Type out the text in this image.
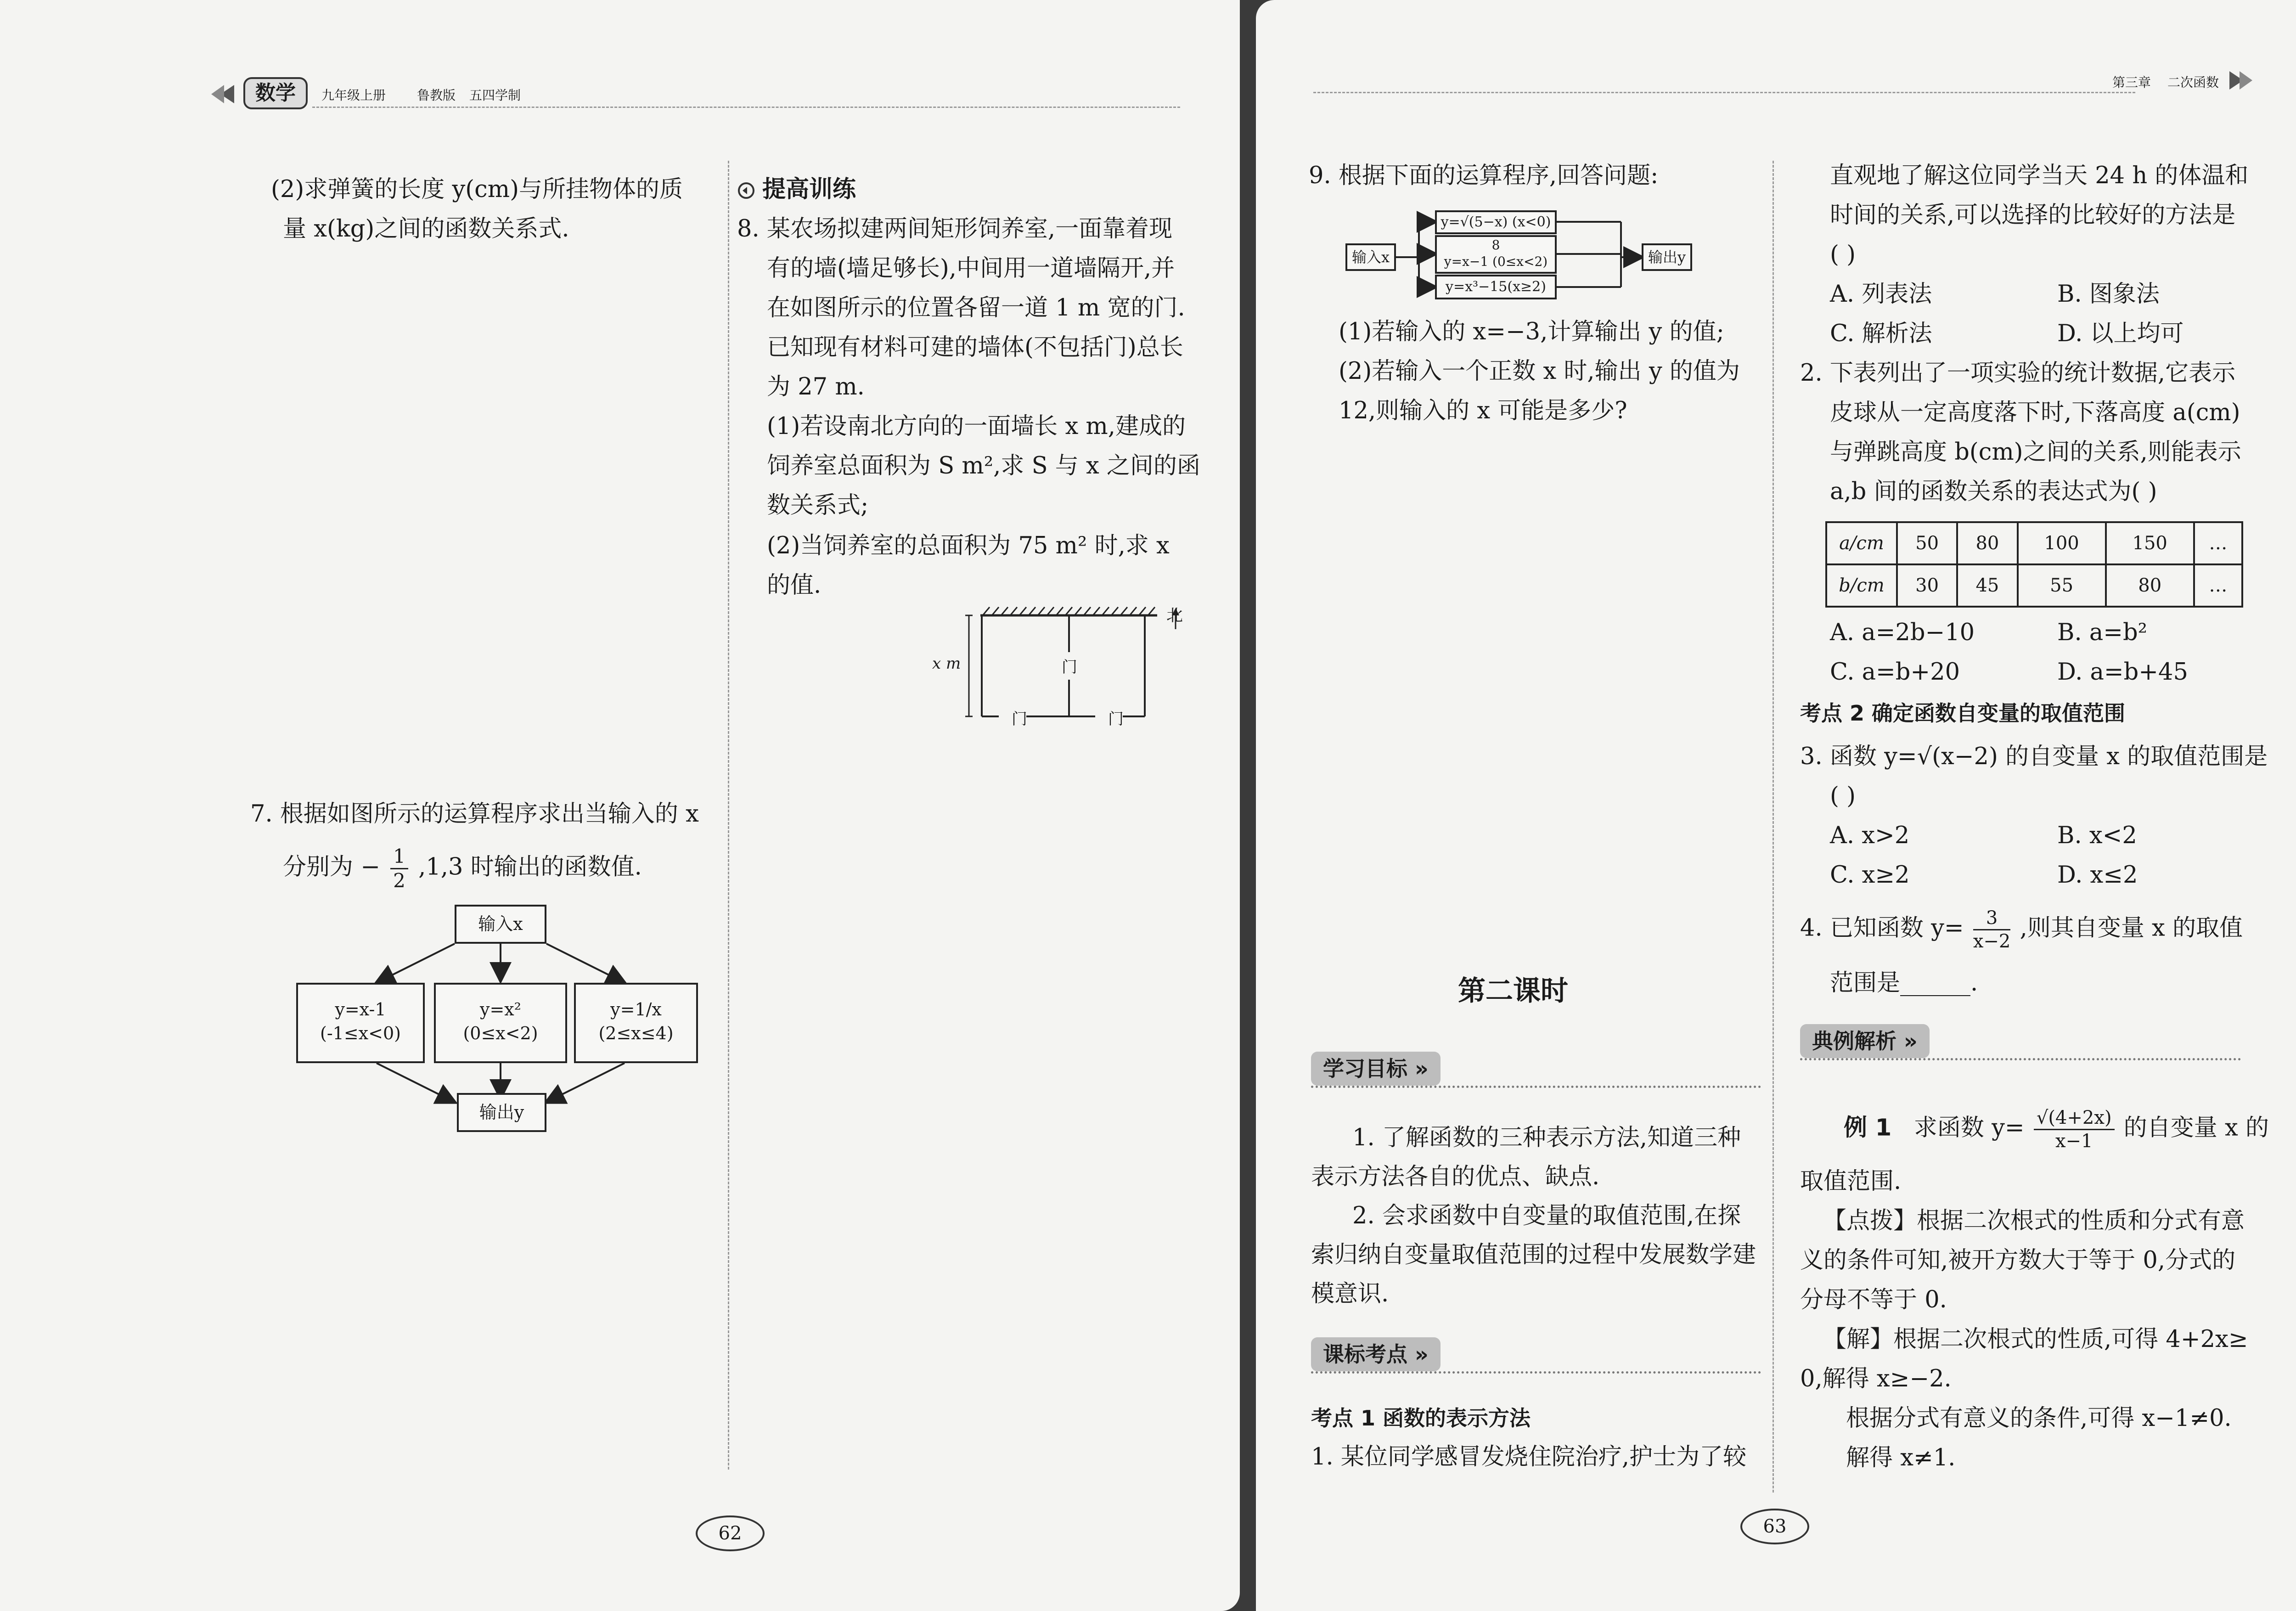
数学	九年级上册 鲁教版 五四学制
(2)求弹簧的长度 y(cm)与所挂物体的质
量 x(kg)之间的函数关系式.
7. 根据如图所示的运算程序求出当输入的 x
分别为 − $\frac{1}{2} ,1,3$ 时输出的函数值.
输入x
y=x-1
(-1≤x<0)
y=x²
(0≤x<2)
y=1/x
(2≤x≤4)
输出y
提高训练
8. 某农场拟建两间矩形饲养室,一面靠着现
有的墙(墙足够长),中间用一道墙隔开,并
在如图所示的位置各留一道 1 m 宽的门.
已知现有材料可建的墙体(不包括门)总长
为 27 m.
(1)若设南北方向的一面墙长 x m,建成的
饲养室总面积为 S m²,求 S 与 x 之间的函
数关系式;
(2)当饲养室的总面积为 75 m² 时,求 x
的值.
北
x m	门
门	门
62
第三章 二次函数
9. 根据下面的运算程序,回答问题:
输入x
y=√(5−x) (x<0)
8
y=x−1 (0≤x<2)
y=x³−15(x≥2)
输出y
(1)若输入的 x=−3,计算输出 y 的值;
(2)若输入一个正数 x 时,输出 y 的值为
12,则输入的 x 可能是多少?
第二课时
学习目标 »
1. 了解函数的三种表示方法,知道三种
表示方法各自的优点、缺点.
2. 会求函数中自变量的取值范围,在探
索归纳自变量取值范围的过程中发展数学建
模意识.
课标考点 »
考点 1 函数的表示方法
1. 某位同学感冒发烧住院治疗,护士为了较
直观地了解这位同学当天 24 h 的体温和
时间的关系,可以选择的比较好的方法是
( )
A. 列表法	B. 图象法
C. 解析法	D. 以上均可
2. 下表列出了一项实验的统计数据,它表示
皮球从一定高度落下时,下落高度 a(cm)
与弹跳高度 b(cm)之间的关系,则能表示
a,b 间的函数关系的表达式为( )
a/cm	50	80	100	150	…
b/cm	30	45	55	80	…
A. a=2b−10	B. a=b²
C. a=b+20	D. a=b+45
考点 2 确定函数自变量的取值范围
3. 函数 y=√(x−2) 的自变量 x 的取值范围是
( )
A. x>2	B. x<2
C. x≥2	D. x≤2
4. 已知函数 $y= \frac{3}{x-2}$ ,则其自变量 x 的取值
范围是______.
典例解析 »
例 1 求函数 $y= \frac{√(4+2x)}{x-1}$ 的自变量 x 的
取值范围.
【点拨】根据二次根式的性质和分式有意
义的条件可知,被开方数大于等于 0,分式的
分母不等于 0.
【解】根据二次根式的性质,可得 4+2x≥
0,解得 x≥−2.
根据分式有意义的条件,可得 x−1≠0.
解得 x≠1.
63
